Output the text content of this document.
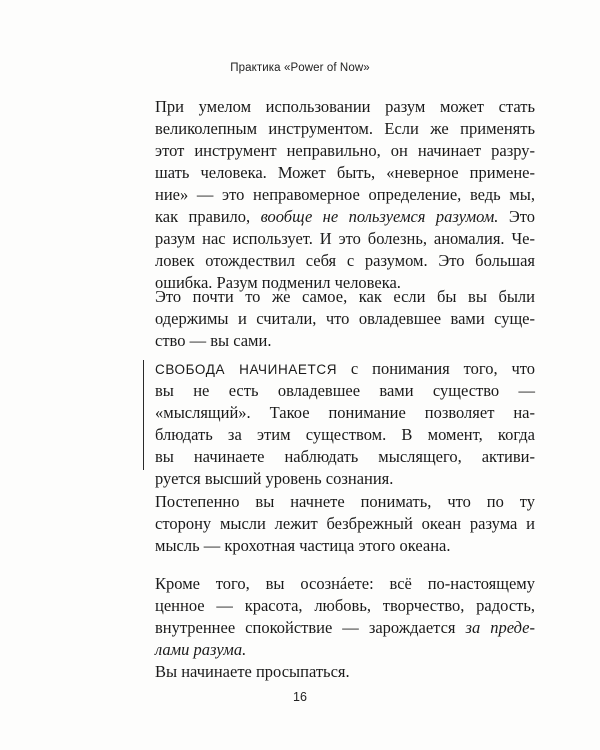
Практика «Power of Now»
При умелом использовании разум может стать
великолепным инструментом. Если же применять
этот инструмент неправильно, он начинает разру-
шать человека. Может быть, «неверное примене-
ние» — это неправомерное определение, ведь мы,
как правило, вообще не пользуемся разумом. Это
разум нас использует. И это болезнь, аномалия. Че-
ловек отождествил себя с разумом. Это большая
ошибка. Разум подменил человека.
Это почти то же самое, как если бы вы были
одержимы и считали, что овладевшее вами суще-
ство — вы сами.
СВОБОДА НАЧИНАЕТСЯ с понимания того, что
вы не есть овладевшее вами существо —
«мыслящий». Такое понимание позволяет на-
блюдать за этим существом. В момент, когда
вы начинаете наблюдать мыслящего, активи-
руется высший уровень сознания.
Постепенно вы начнете понимать, что по ту
сторону мысли лежит безбрежный океан разума и
мысль — крохотная частица этого океана.
Кроме того, вы осознáете: всё по-настоящему
ценное — красота, любовь, творчество, радость,
внутреннее спокойствие — зарождается за преде-
лами разума.
Вы начинаете просыпаться.
16
